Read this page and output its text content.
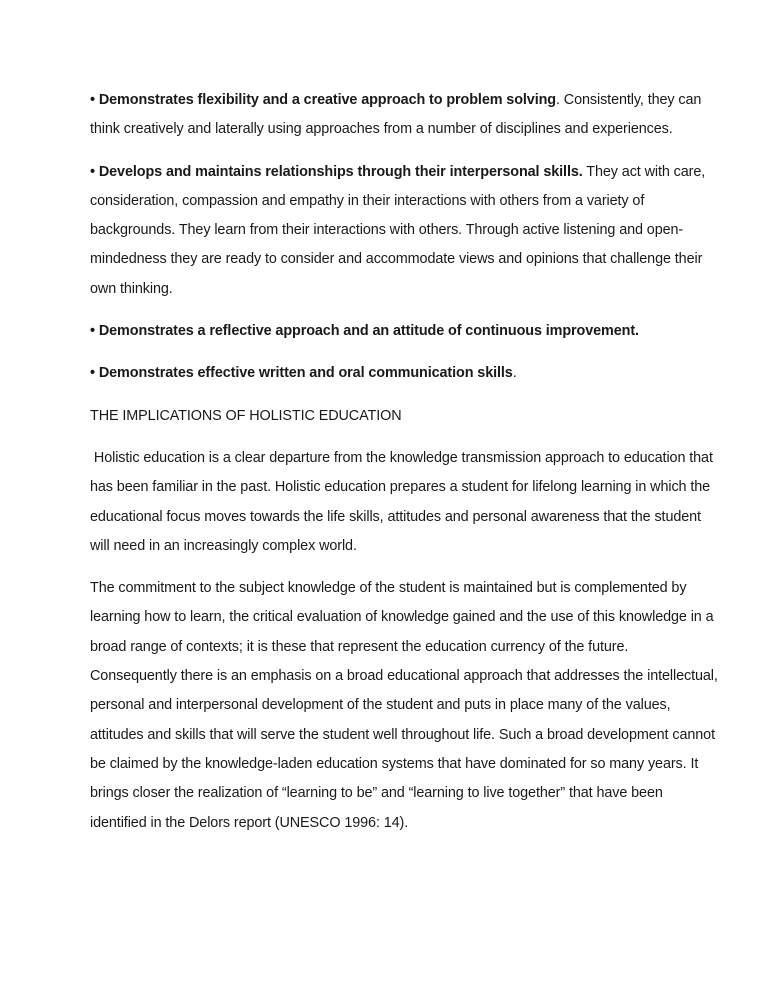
• Demonstrates flexibility and a creative approach to problem solving. Consistently, they can think creatively and laterally using approaches from a number of disciplines and experiences.

• Develops and maintains relationships through their interpersonal skills. They act with care, consideration, compassion and empathy in their interactions with others from a variety of backgrounds. They learn from their interactions with others. Through active listening and open-mindedness they are ready to consider and accommodate views and opinions that challenge their own thinking.

• Demonstrates a reflective approach and an attitude of continuous improvement.

• Demonstrates effective written and oral communication skills.

THE IMPLICATIONS OF HOLISTIC EDUCATION

Holistic education is a clear departure from the knowledge transmission approach to education that has been familiar in the past. Holistic education prepares a student for lifelong learning in which the educational focus moves towards the life skills, attitudes and personal awareness that the student will need in an increasingly complex world.

The commitment to the subject knowledge of the student is maintained but is complemented by learning how to learn, the critical evaluation of knowledge gained and the use of this knowledge in a broad range of contexts; it is these that represent the education currency of the future. Consequently there is an emphasis on a broad educational approach that addresses the intellectual, personal and interpersonal development of the student and puts in place many of the values, attitudes and skills that will serve the student well throughout life. Such a broad development cannot be claimed by the knowledge-laden education systems that have dominated for so many years. It brings closer the realization of “learning to be” and “learning to live together” that have been identified in the Delors report (UNESCO 1996: 14).
